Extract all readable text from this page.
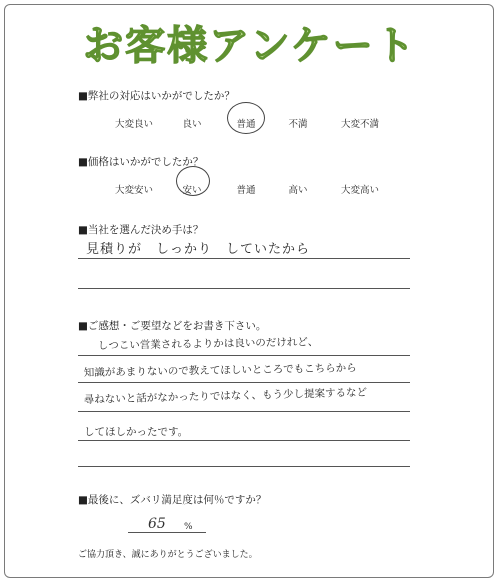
お客様アンケート
■弊社の対応はいかがでしたか？
大変良い	良い	普通	不満	大変不満
■価格はいかがでしたか？
大変安い	安い	普通	高い	大変高い
■当社を選んだ決め手は？
見積りが　しっかり　していたから
■ご感想・ご要望などをお書き下さい。
しつこい営業されるよりかは良いのだけれど、
知識があまりないので教えてほしいところでもこちらから
尋ねないと話がなかったりではなく、もう少し提案するなど
してほしかったです。
■最後に、ズバリ満足度は何％ですか？
65 %
ご協力頂き、誠にありがとうございました。
